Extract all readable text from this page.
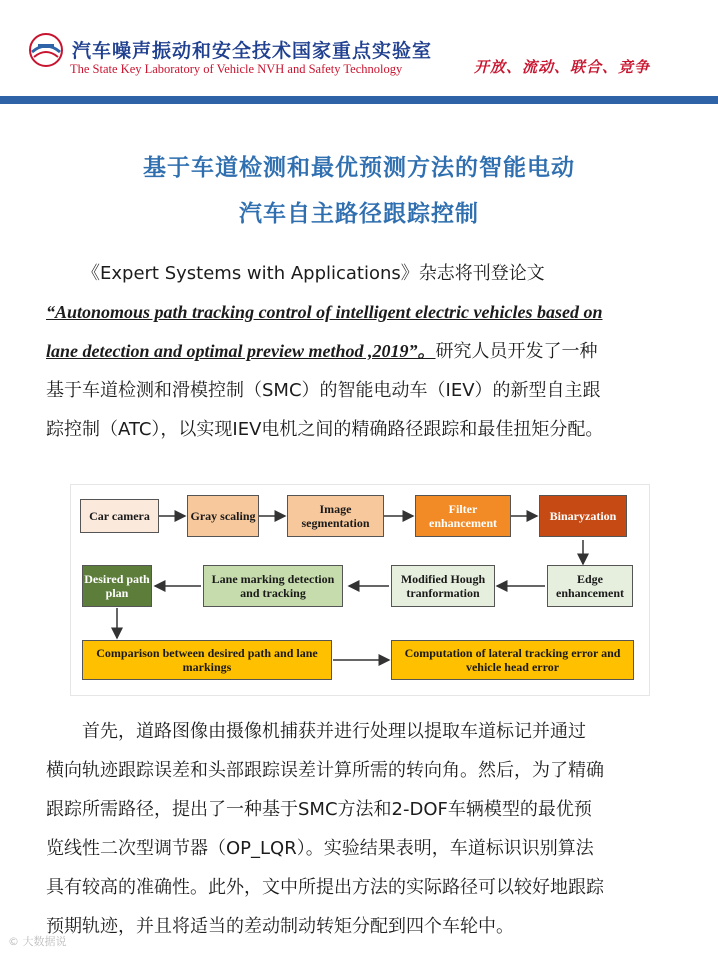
汽车噪声振动和安全技术国家重点实验室
The State Key Laboratory of Vehicle NVH and Safety Technology	开放、流动、联合、竞争
基于车道检测和最优预测方法的智能电动
汽车自主路径跟踪控制
《Expert Systems with Applications》杂志将刊登论文
“Autonomous path tracking control of intelligent electric vehicles based on
lane detection and optimal preview method ,2019”。研究人员开发了一种
基于车道检测和滑模控制（SMC）的智能电动车（IEV）的新型自主跟
踪控制（ATC），以实现IEV电机之间的精确路径跟踪和最佳扭矩分配。
Car camera	Gray scaling	Image segmentation
Filter enhancement	Binaryzation
Edge enhancement
Modified Hough tranformation
Lane marking detection and tracking
Desired path plan
Comparison between desired path and lane markings
Computation of lateral tracking error and vehicle head error
首先，道路图像由摄像机捕获并进行处理以提取车道标记并通过
横向轨迹跟踪误差和头部跟踪误差计算所需的转向角。然后，为了精确
跟踪所需路径，提出了一种基于SMC方法和2-DOF车辆模型的最优预
览线性二次型调节器（OP_LQR）。实验结果表明，车道标识识别算法
具有较高的准确性。此外，文中所提出方法的实际路径可以较好地跟踪
预期轨迹，并且将适当的差动制动转矩分配到四个车轮中。
© 大数据说
